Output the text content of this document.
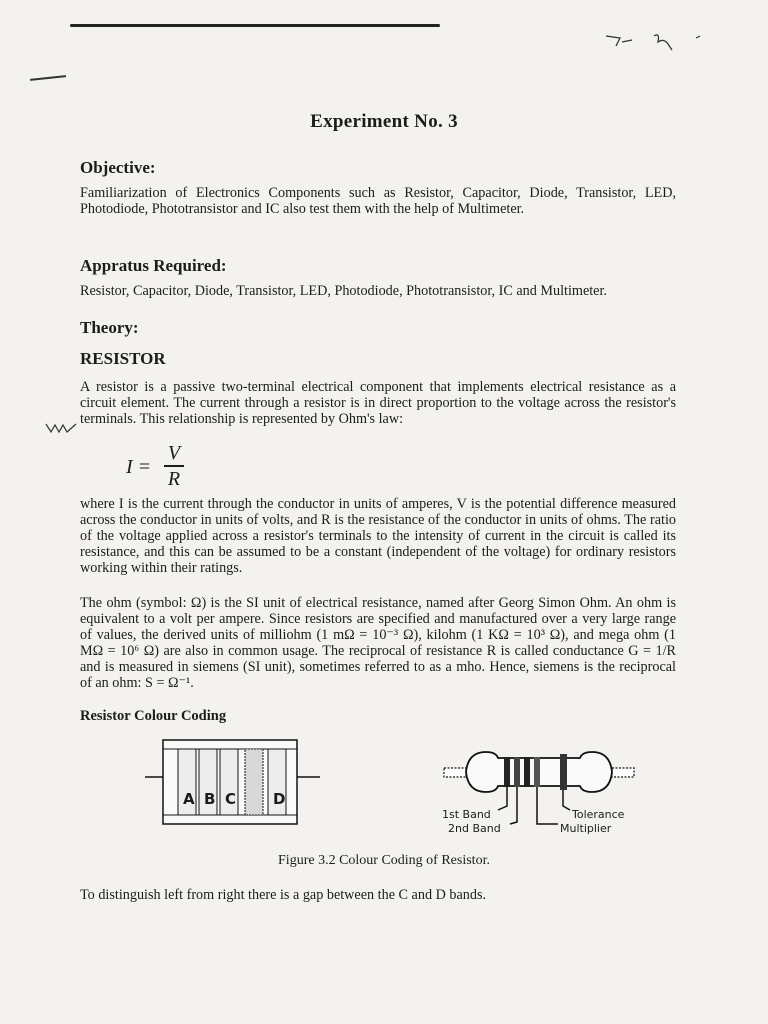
Experiment No. 3
Objective:
Familiarization of Electronics Components such as Resistor, Capacitor, Diode, Transistor, LED, Photodiode, Phototransistor and IC also test them with the help of Multimeter.
Appratus Required:
Resistor, Capacitor, Diode, Transistor, LED, Photodiode, Phototransistor, IC and Multimeter.
Theory:
RESISTOR
A resistor is a passive two-terminal electrical component that implements electrical resistance as a circuit element. The current through a resistor is in direct proportion to the voltage across the resistor's terminals. This relationship is represented by Ohm's law:
I =
V
R
where I is the current through the conductor in units of amperes, V is the potential difference measured across the conductor in units of volts, and R is the resistance of the conductor in units of ohms. The ratio of the voltage applied across a resistor's terminals to the intensity of current in the circuit is called its resistance, and this can be assumed to be a constant (independent of the voltage) for ordinary resistors working within their ratings.
The ohm (symbol: Ω) is the SI unit of electrical resistance, named after Georg Simon Ohm. An ohm is equivalent to a volt per ampere. Since resistors are specified and manufactured over a very large range of values, the derived units of milliohm (1 mΩ = 10⁻³ Ω), kilohm (1 KΩ = 10³ Ω), and mega ohm (1 MΩ = 10⁶ Ω) are also in common usage. The reciprocal of resistance R is called conductance G = 1/R and is measured in siemens (SI unit), sometimes referred to as a mho. Hence, siemens is the reciprocal of an ohm: S = Ω⁻¹.
Resistor Colour Coding
A B C D
1st Band
2nd Band
Tolerance
Multiplier
Figure 3.2 Colour Coding of Resistor.
To distinguish left from right there is a gap between the C and D bands.
